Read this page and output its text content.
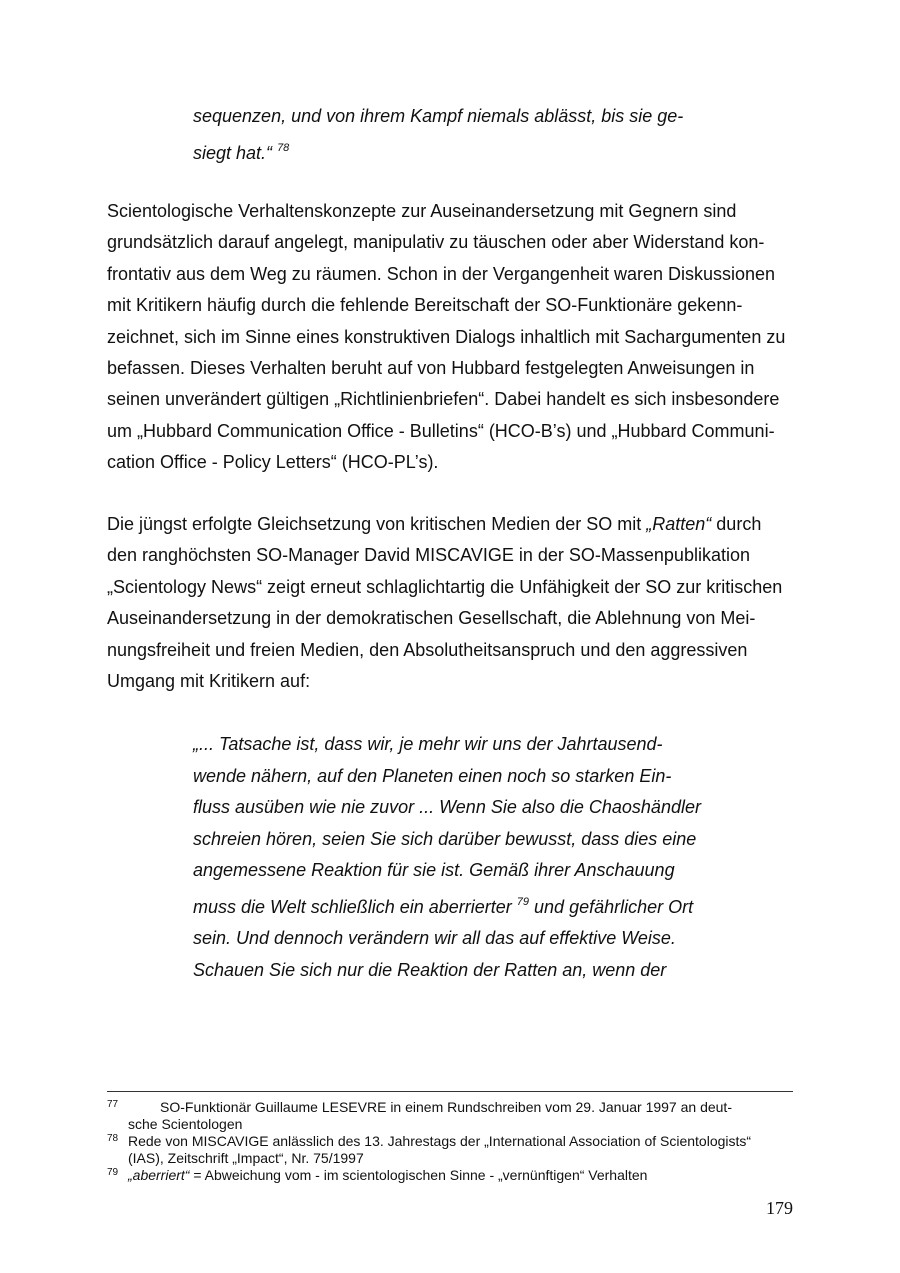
sequenzen, und von ihrem Kampf niemals ablässt, bis sie ge-
siegt hat.“ $^{78}$
Scientologische Verhaltenskonzepte zur Auseinandersetzung mit Gegnern sind
grundsätzlich darauf angelegt, manipulativ zu täuschen oder aber Widerstand kon-
frontativ aus dem Weg zu räumen. Schon in der Vergangenheit waren Diskussionen
mit Kritikern häufig durch die fehlende Bereitschaft der SO-Funktionäre gekenn-
zeichnet, sich im Sinne eines konstruktiven Dialogs inhaltlich mit Sachargumenten zu
befassen. Dieses Verhalten beruht auf von Hubbard festgelegten Anweisungen in
seinen unverändert gültigen „Richtlinienbriefen“. Dabei handelt es sich insbesondere
um „Hubbard Communication Office - Bulletins“ (HCO-B’s) und „Hubbard Communi-
cation Office - Policy Letters“ (HCO-PL’s).
Die jüngst erfolgte Gleichsetzung von kritischen Medien der SO mit „Ratten“ durch
den ranghöchsten SO-Manager David MISCAVIGE in der SO-Massenpublikation
„Scientology News“ zeigt erneut schlaglichtartig die Unfähigkeit der SO zur kritischen
Auseinandersetzung in der demokratischen Gesellschaft, die Ablehnung von Mei-
nungsfreiheit und freien Medien, den Absolutheitsanspruch und den aggressiven
Umgang mit Kritikern auf:
„... Tatsache ist, dass wir, je mehr wir uns der Jahrtausend-
wende nähern, auf den Planeten einen noch so starken Ein-
fluss ausüben wie nie zuvor ... Wenn Sie also die Chaoshändler
schreien hören, seien Sie sich darüber bewusst, dass dies eine
angemessene Reaktion für sie ist. Gemäß ihrer Anschauung
muss die Welt schließlich ein aberrierter $^{79}$ und gefährlicher Ort
sein. Und dennoch verändern wir all das auf effektive Weise.
Schauen Sie sich nur die Reaktion der Ratten an, wenn der
77	SO-Funktionär Guillaume LESEVRE in einem Rundschreiben vom 29. Januar 1997 an deut-
sche Scientologen
78 Rede von MISCAVIGE anlässlich des 13. Jahrestags der „International Association of Scientologists“
(IAS), Zeitschrift „Impact“, Nr. 75/1997
79 „aberriert“ = Abweichung vom - im scientologischen Sinne - „vernünftigen“ Verhalten
179
